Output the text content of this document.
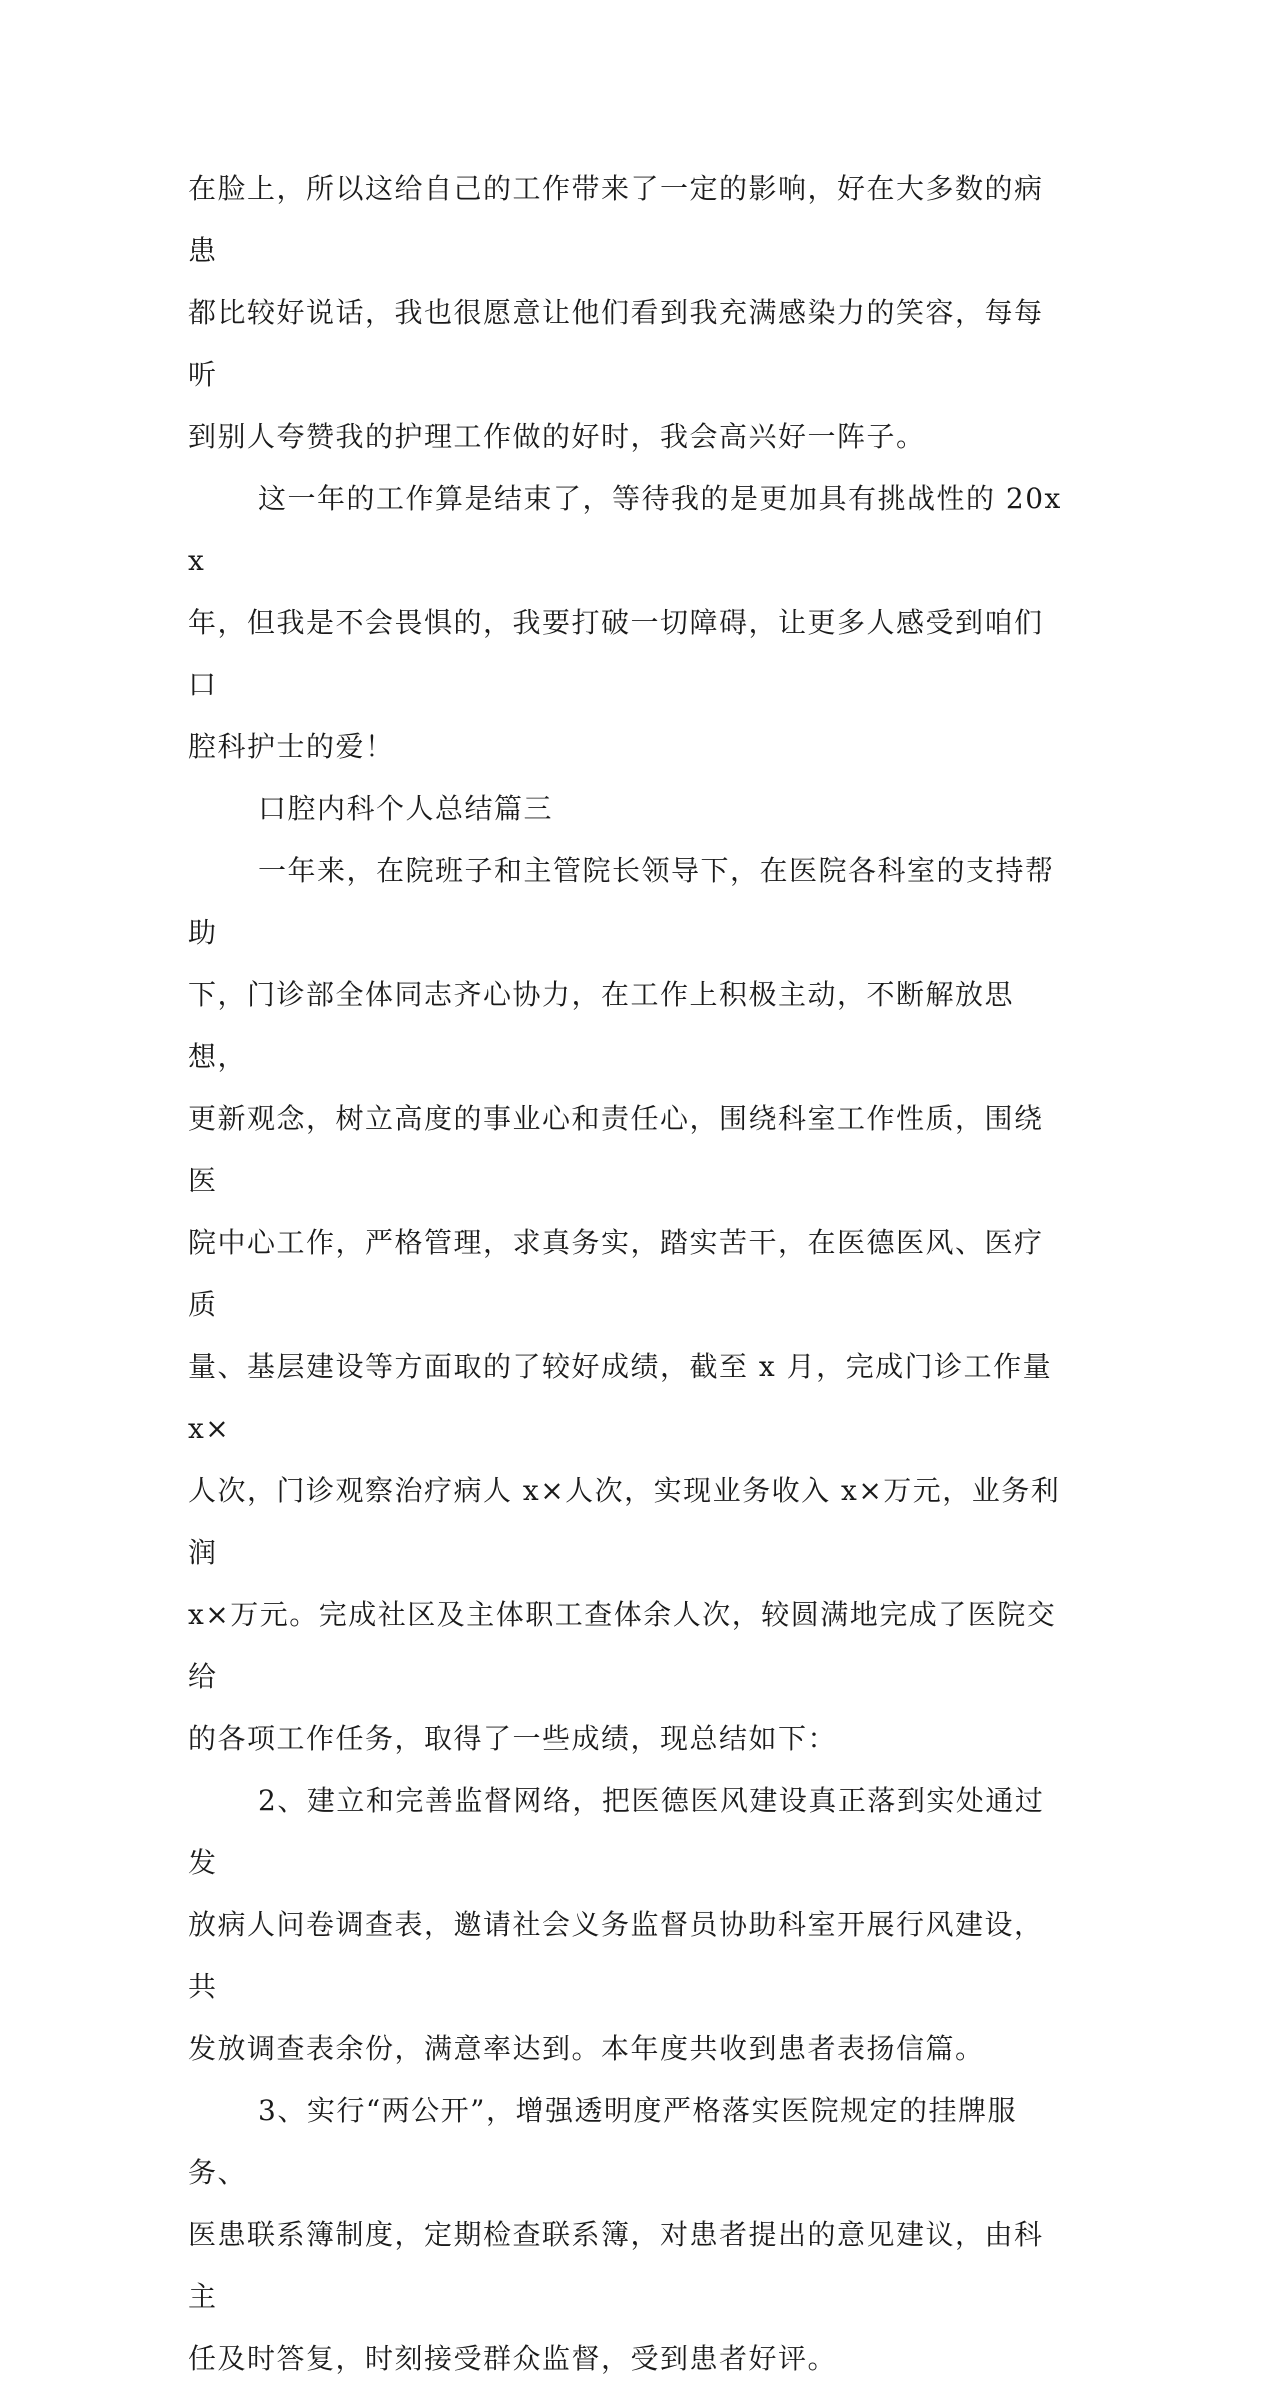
在脸上，所以这给自己的工作带来了一定的影响，好在大多数的病患
都比较好说话，我也很愿意让他们看到我充满感染力的笑容，每每听
到别人夸赞我的护理工作做的好时，我会高兴好一阵子。

这一年的工作算是结束了，等待我的是更加具有挑战性的 20xx
年，但我是不会畏惧的，我要打破一切障碍，让更多人感受到咱们口
腔科护士的爱！

口腔内科个人总结篇三

一年来，在院班子和主管院长领导下，在医院各科室的支持帮助
下，门诊部全体同志齐心协力，在工作上积极主动，不断解放思想，
更新观念，树立高度的事业心和责任心，围绕科室工作性质，围绕医
院中心工作，严格管理，求真务实，踏实苦干，在医德医风、医疗质
量、基层建设等方面取的了较好成绩，截至 x 月，完成门诊工作量 x×
人次，门诊观察治疗病人 x×人次，实现业务收入 x×万元，业务利润
x×万元。完成社区及主体职工查体余人次，较圆满地完成了医院交给
的各项工作任务，取得了一些成绩，现总结如下：

2、建立和完善监督网络，把医德医风建设真正落到实处通过发
放病人问卷调查表，邀请社会义务监督员协助科室开展行风建设，共
发放调查表余份，满意率达到。本年度共收到患者表扬信篇。

3、实行“两公开”，增强透明度严格落实医院规定的挂牌服务、
医患联系簿制度，定期检查联系簿，对患者提出的意见建议，由科主
任及时答复，时刻接受群众监督，受到患者好评。
